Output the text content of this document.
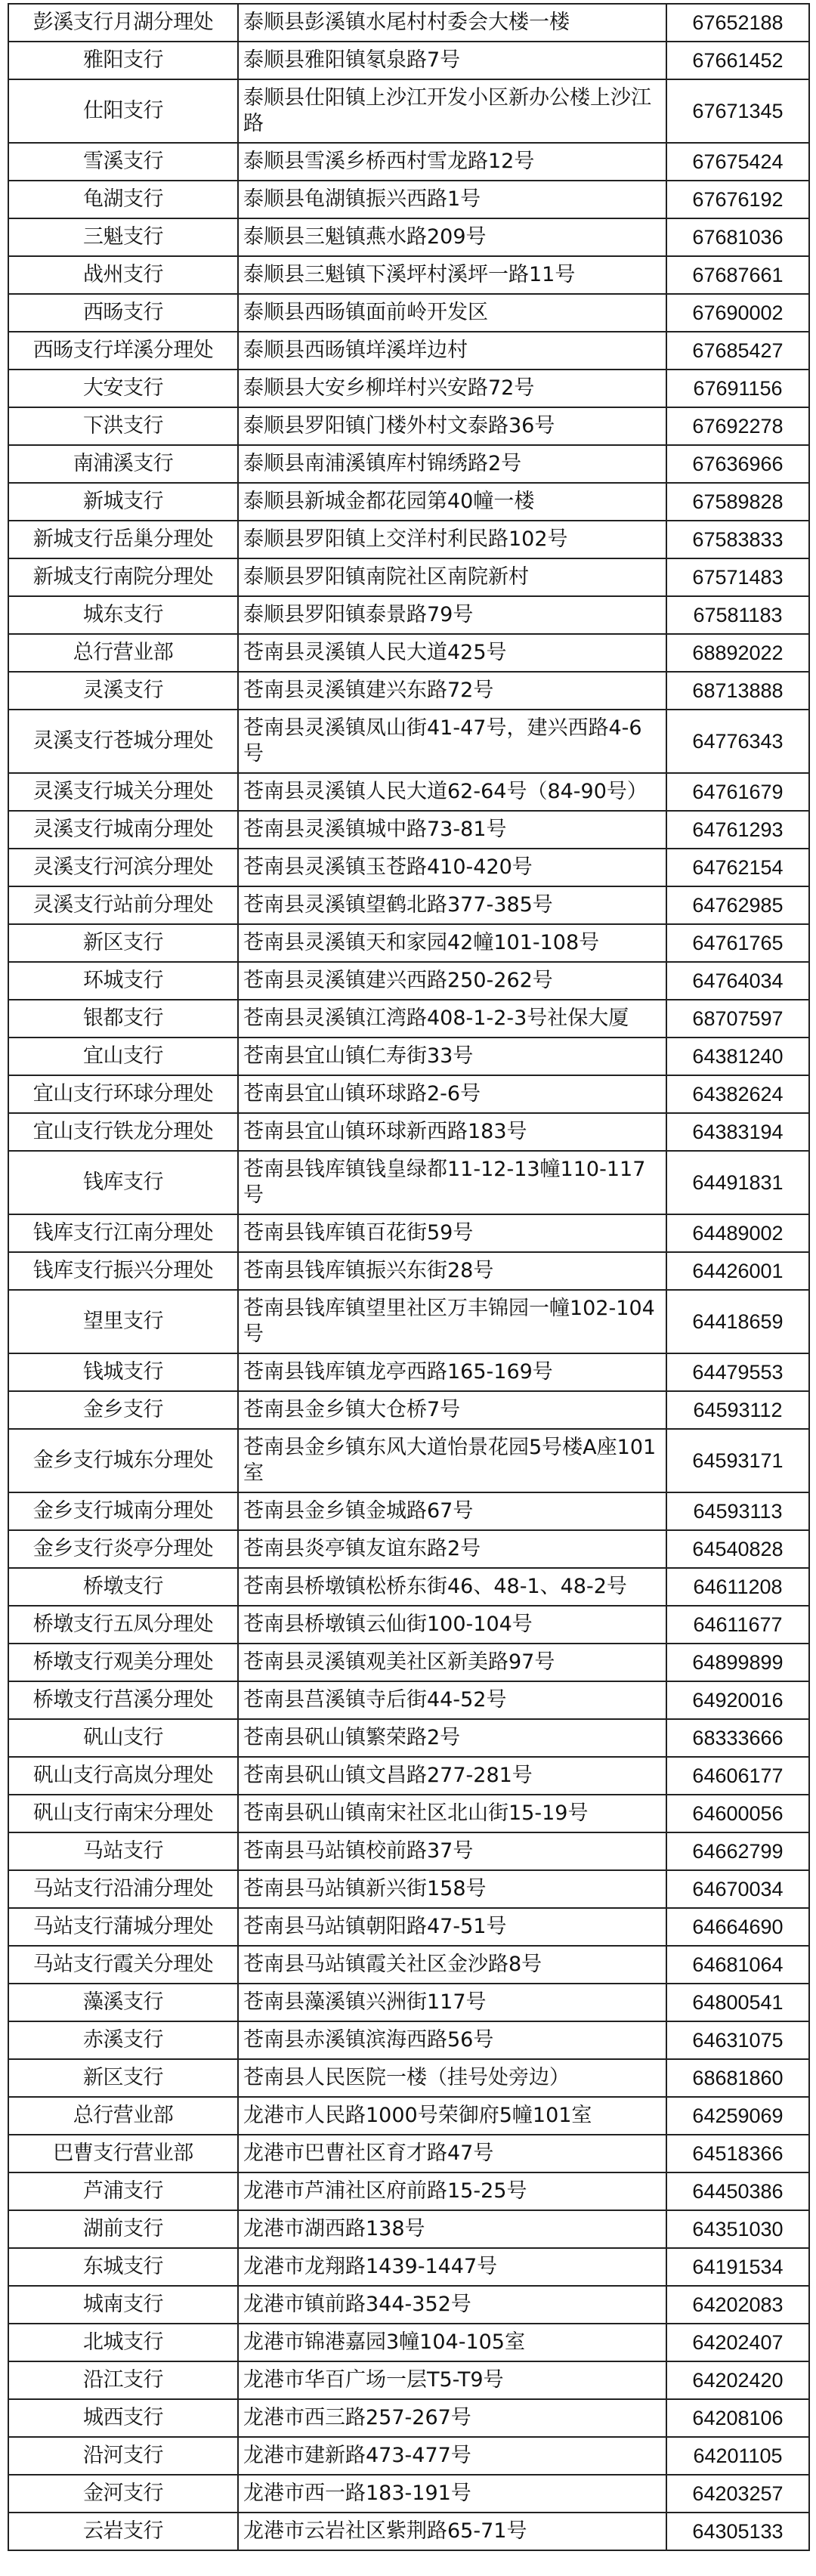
彭溪支行月湖分理处	泰顺县彭溪镇水尾村村委会大楼一楼	67652188
雅阳支行	泰顺县雅阳镇氡泉路7号	67661452
仕阳支行	泰顺县仕阳镇上沙江开发小区新办公楼上沙江路	67671345
雪溪支行	泰顺县雪溪乡桥西村雪龙路12号	67675424
龟湖支行	泰顺县龟湖镇振兴西路1号	67676192
三魁支行	泰顺县三魁镇燕水路209号	67681036
战州支行	泰顺县三魁镇下溪坪村溪坪一路11号	67687661
西旸支行	泰顺县西旸镇面前岭开发区	67690002
西旸支行垟溪分理处	泰顺县西旸镇垟溪垟边村	67685427
大安支行	泰顺县大安乡柳垟村兴安路72号	67691156
下洪支行	泰顺县罗阳镇门楼外村文泰路36号	67692278
南浦溪支行	泰顺县南浦溪镇库村锦绣路2号	67636966
新城支行	泰顺县新城金都花园第40幢一楼	67589828
新城支行岳巢分理处	泰顺县罗阳镇上交洋村利民路102号	67583833
新城支行南院分理处	泰顺县罗阳镇南院社区南院新村	67571483
城东支行	泰顺县罗阳镇泰景路79号	67581183
总行营业部	苍南县灵溪镇人民大道425号	68892022
灵溪支行	苍南县灵溪镇建兴东路72号	68713888
灵溪支行苍城分理处	苍南县灵溪镇凤山街41-47号，建兴西路4-6号	64776343
灵溪支行城关分理处	苍南县灵溪镇人民大道62-64号（84-90号）	64761679
灵溪支行城南分理处	苍南县灵溪镇城中路73-81号	64761293
灵溪支行河滨分理处	苍南县灵溪镇玉苍路410-420号	64762154
灵溪支行站前分理处	苍南县灵溪镇望鹤北路377-385号	64762985
新区支行	苍南县灵溪镇天和家园42幢101-108号	64761765
环城支行	苍南县灵溪镇建兴西路250-262号	64764034
银都支行	苍南县灵溪镇江湾路408-1-2-3号社保大厦	68707597
宜山支行	苍南县宜山镇仁寿街33号	64381240
宜山支行环球分理处	苍南县宜山镇环球路2-6号	64382624
宜山支行铁龙分理处	苍南县宜山镇环球新西路183号	64383194
钱库支行	苍南县钱库镇钱皇绿都11-12-13幢110-117号	64491831
钱库支行江南分理处	苍南县钱库镇百花街59号	64489002
钱库支行振兴分理处	苍南县钱库镇振兴东街28号	64426001
望里支行	苍南县钱库镇望里社区万丰锦园一幢102-104号	64418659
钱城支行	苍南县钱库镇龙亭西路165-169号	64479553
金乡支行	苍南县金乡镇大仓桥7号	64593112
金乡支行城东分理处	苍南县金乡镇东风大道怡景花园5号楼A座101室	64593171
金乡支行城南分理处	苍南县金乡镇金城路67号	64593113
金乡支行炎亭分理处	苍南县炎亭镇友谊东路2号	64540828
桥墩支行	苍南县桥墩镇松桥东街46、48-1、48-2号	64611208
桥墩支行五凤分理处	苍南县桥墩镇云仙街100-104号	64611677
桥墩支行观美分理处	苍南县灵溪镇观美社区新美路97号	64899899
桥墩支行莒溪分理处	苍南县莒溪镇寺后街44-52号	64920016
矾山支行	苍南县矾山镇繁荣路2号	68333666
矾山支行高岚分理处	苍南县矾山镇文昌路277-281号	64606177
矾山支行南宋分理处	苍南县矾山镇南宋社区北山街15-19号	64600056
马站支行	苍南县马站镇校前路37号	64662799
马站支行沿浦分理处	苍南县马站镇新兴街158号	64670034
马站支行蒲城分理处	苍南县马站镇朝阳路47-51号	64664690
马站支行霞关分理处	苍南县马站镇霞关社区金沙路8号	64681064
藻溪支行	苍南县藻溪镇兴洲街117号	64800541
赤溪支行	苍南县赤溪镇滨海西路56号	64631075
新区支行	苍南县人民医院一楼（挂号处旁边）	68681860
总行营业部	龙港市人民路1000号荣御府5幢101室	64259069
巴曹支行营业部	龙港市巴曹社区育才路47号	64518366
芦浦支行	龙港市芦浦社区府前路15-25号	64450386
湖前支行	龙港市湖西路138号	64351030
东城支行	龙港市龙翔路1439-1447号	64191534
城南支行	龙港市镇前路344-352号	64202083
北城支行	龙港市锦港嘉园3幢104-105室	64202407
沿江支行	龙港市华百广场一层T5-T9号	64202420
城西支行	龙港市西三路257-267号	64208106
沿河支行	龙港市建新路473-477号	64201105
金河支行	龙港市西一路183-191号	64203257
云岩支行	龙港市云岩社区紫荆路65-71号	64305133
